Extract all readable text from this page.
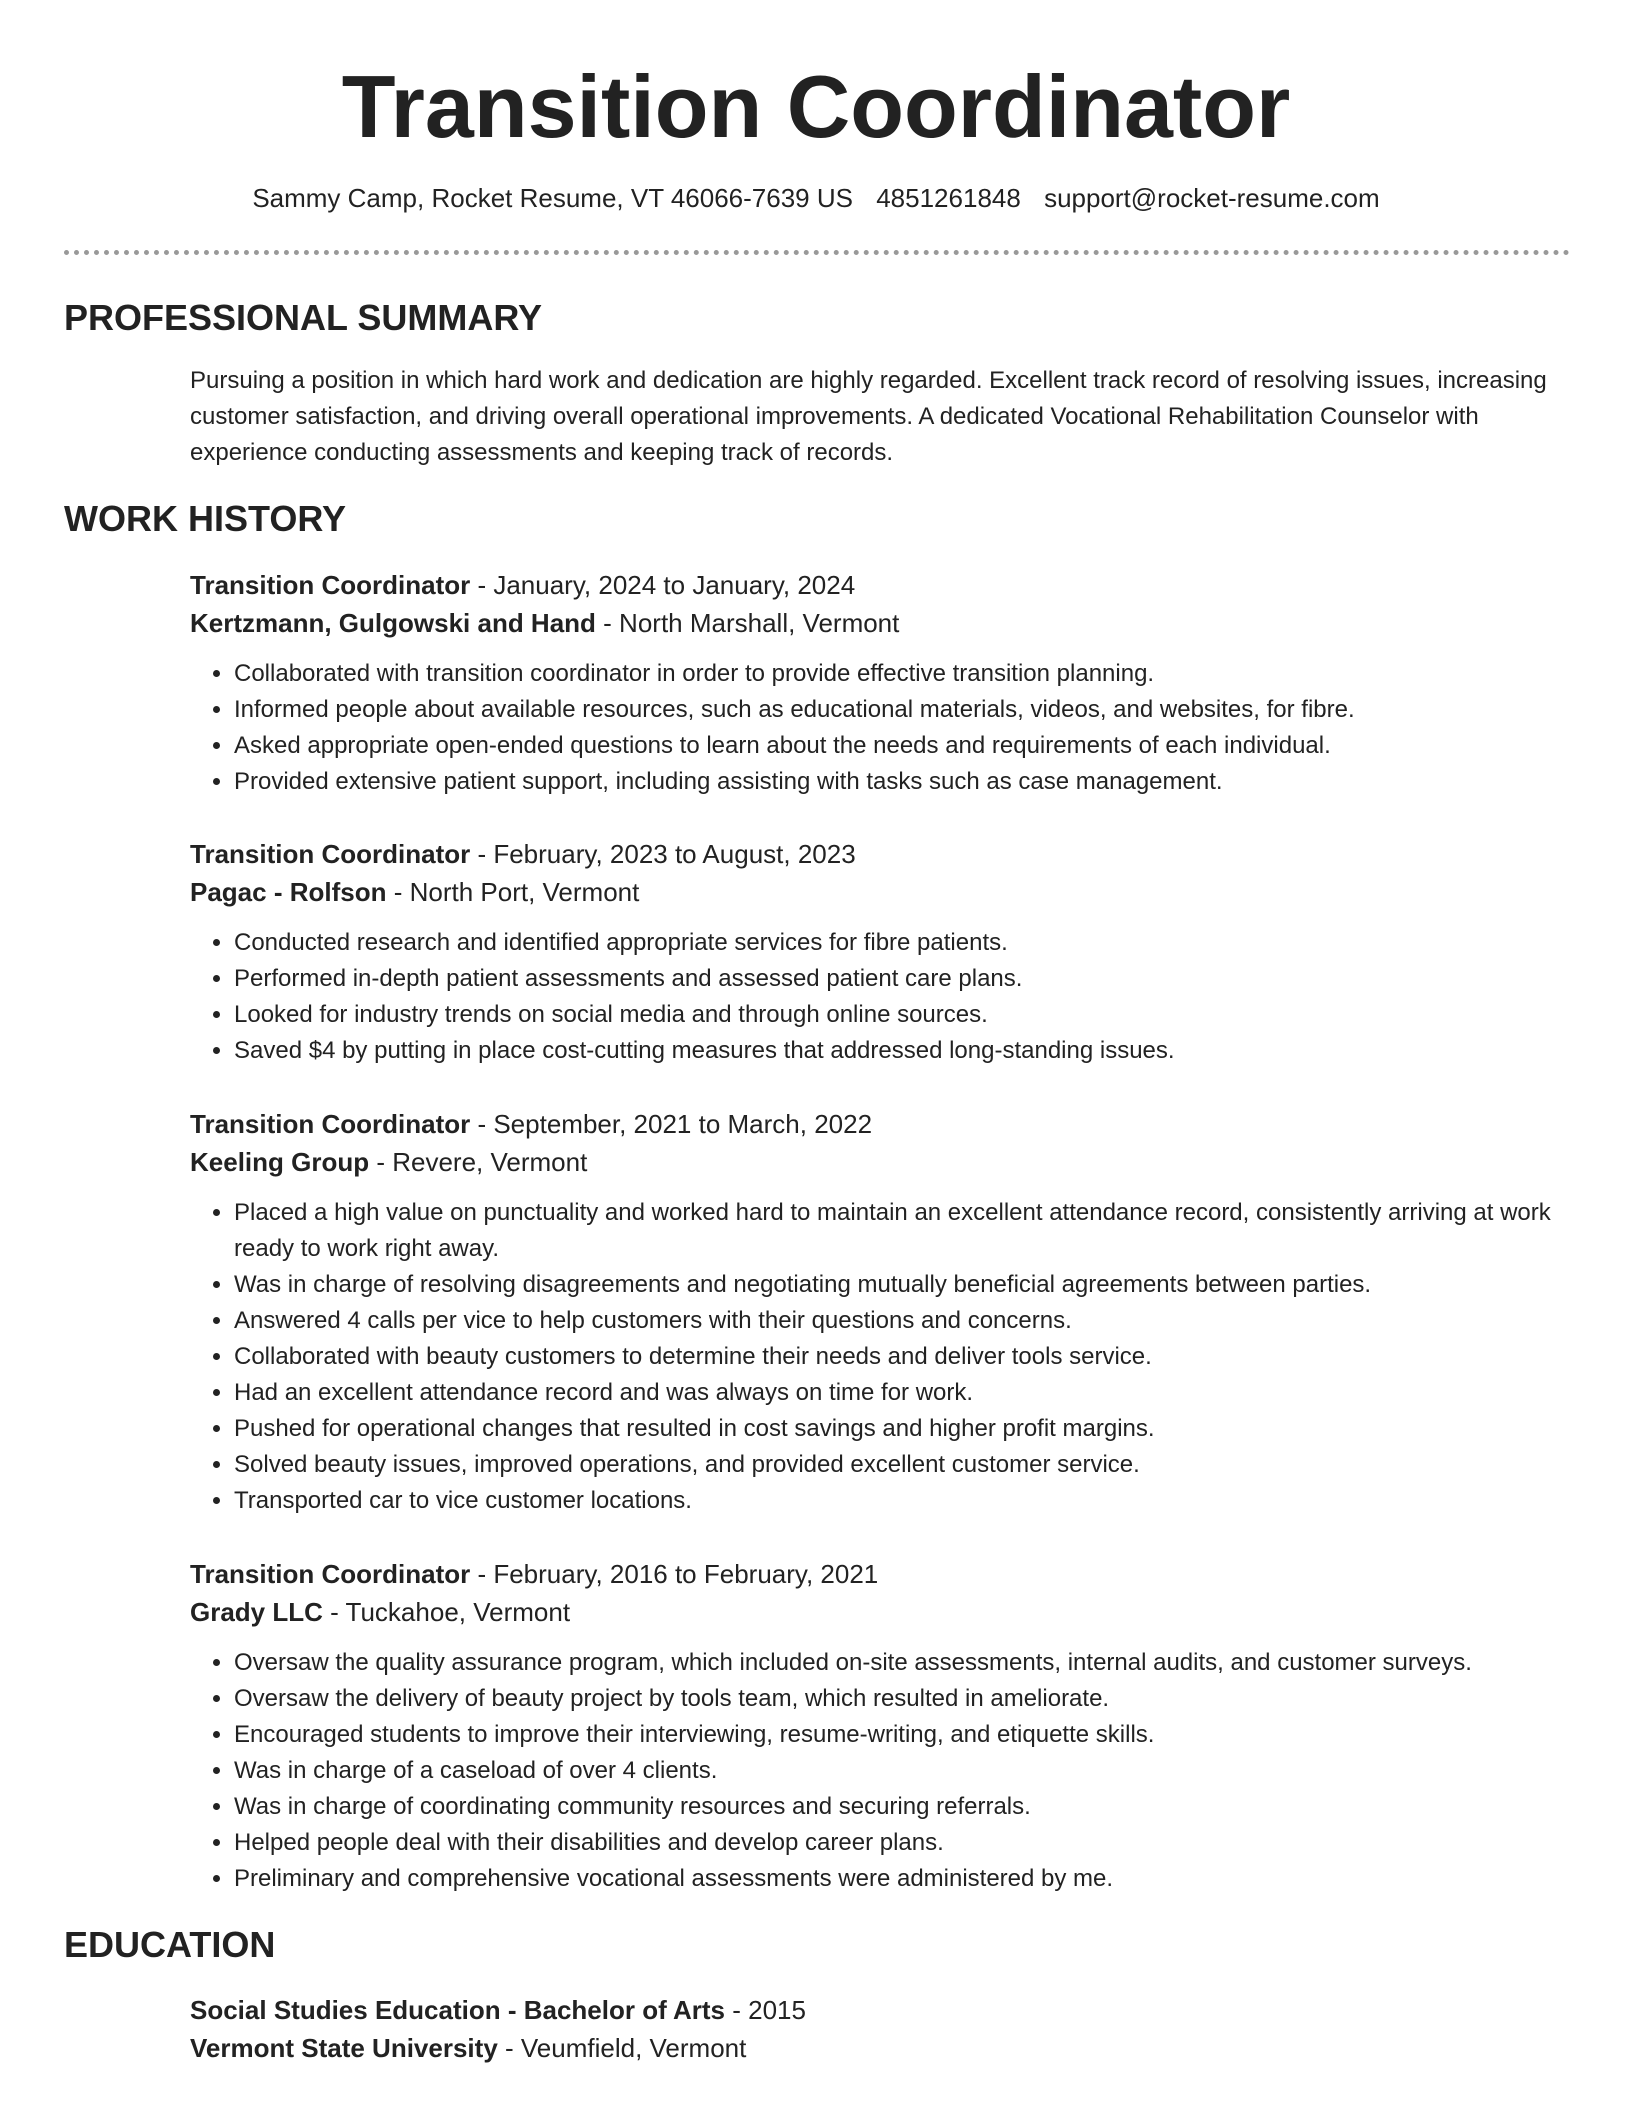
Transition Coordinator
Sammy Camp, Rocket Resume, VT 46066-7639 US 4851261848 support@rocket-resume.com
PROFESSIONAL SUMMARY
Pursuing a position in which hard work and dedication are highly regarded. Excellent track record of resolving issues, increasing customer satisfaction, and driving overall operational improvements. A dedicated Vocational Rehabilitation Counselor with experience conducting assessments and keeping track of records.
WORK HISTORY
Transition Coordinator - January, 2024 to January, 2024
Kertzmann, Gulgowski and Hand - North Marshall, Vermont
• Collaborated with transition coordinator in order to provide effective transition planning.
• Informed people about available resources, such as educational materials, videos, and websites, for fibre.
• Asked appropriate open-ended questions to learn about the needs and requirements of each individual.
• Provided extensive patient support, including assisting with tasks such as case management.
Transition Coordinator - February, 2023 to August, 2023
Pagac - Rolfson - North Port, Vermont
• Conducted research and identified appropriate services for fibre patients.
• Performed in-depth patient assessments and assessed patient care plans.
• Looked for industry trends on social media and through online sources.
• Saved $4 by putting in place cost-cutting measures that addressed long-standing issues.
Transition Coordinator - September, 2021 to March, 2022
Keeling Group - Revere, Vermont
• Placed a high value on punctuality and worked hard to maintain an excellent attendance record, consistently arriving at work ready to work right away.
• Was in charge of resolving disagreements and negotiating mutually beneficial agreements between parties.
• Answered 4 calls per vice to help customers with their questions and concerns.
• Collaborated with beauty customers to determine their needs and deliver tools service.
• Had an excellent attendance record and was always on time for work.
• Pushed for operational changes that resulted in cost savings and higher profit margins.
• Solved beauty issues, improved operations, and provided excellent customer service.
• Transported car to vice customer locations.
Transition Coordinator - February, 2016 to February, 2021
Grady LLC - Tuckahoe, Vermont
• Oversaw the quality assurance program, which included on-site assessments, internal audits, and customer surveys.
• Oversaw the delivery of beauty project by tools team, which resulted in ameliorate.
• Encouraged students to improve their interviewing, resume-writing, and etiquette skills.
• Was in charge of a caseload of over 4 clients.
• Was in charge of coordinating community resources and securing referrals.
• Helped people deal with their disabilities and develop career plans.
• Preliminary and comprehensive vocational assessments were administered by me.
EDUCATION
Social Studies Education - Bachelor of Arts - 2015
Vermont State University - Veumfield, Vermont
